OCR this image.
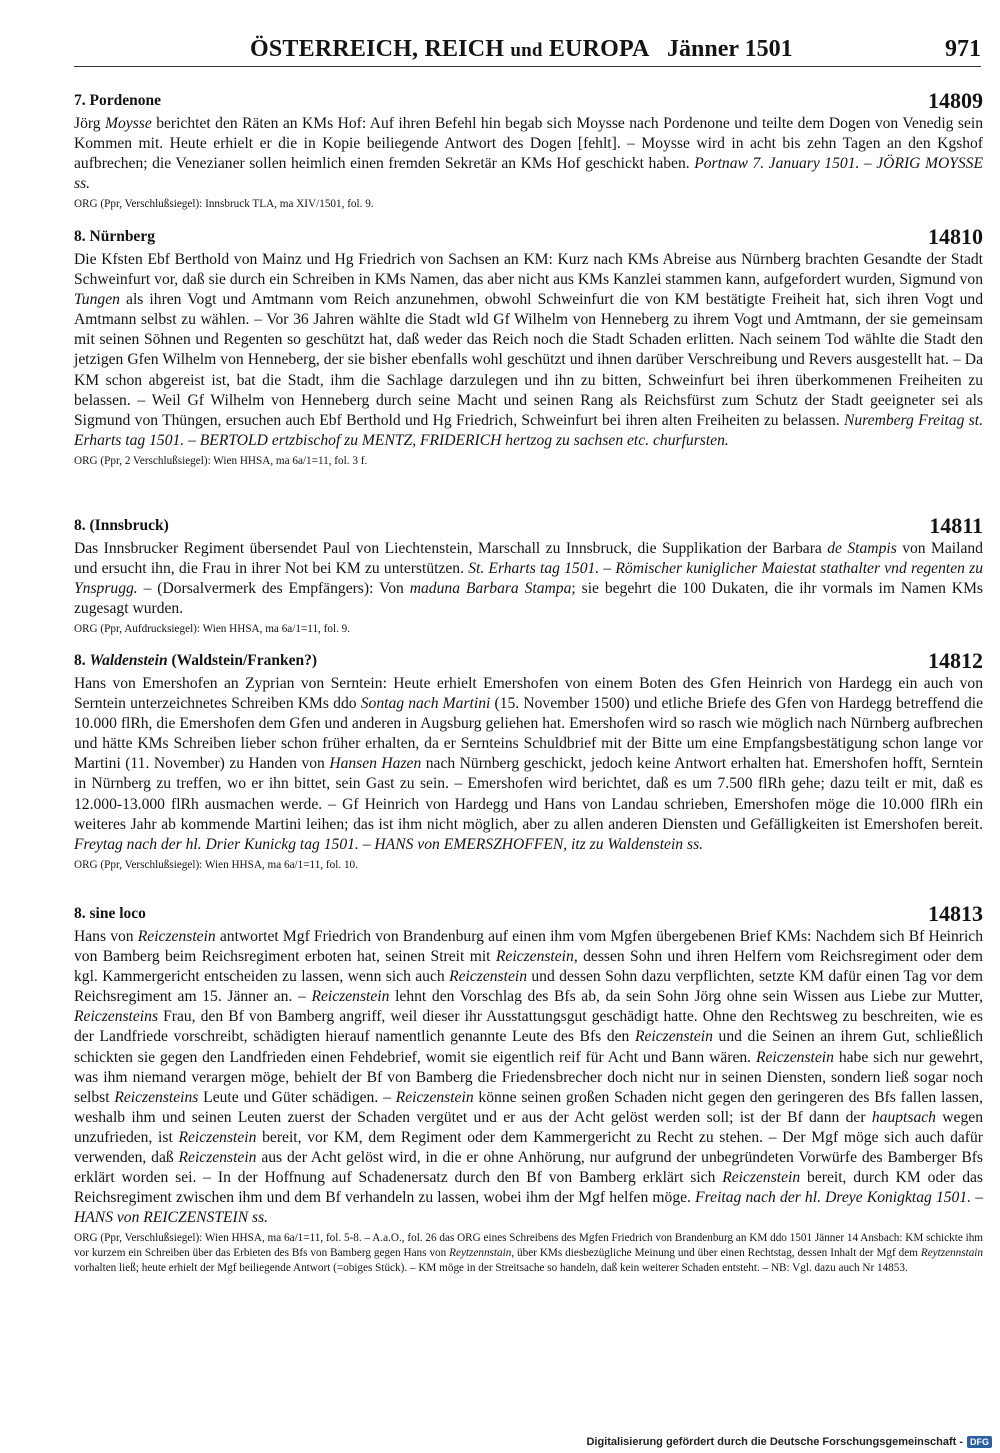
ÖSTERREICH, REICH und EUROPA Jänner 1501	971
7. Pordenone	14809

Jörg Moysse berichtet den Räten an KMs Hof: Auf ihren Befehl hin begab sich Moysse nach Pordenone und teilte dem Dogen von Venedig sein Kommen mit. Heute erhielt er die in Kopie beiliegende Antwort des Dogen [fehlt]. – Moysse wird in acht bis zehn Tagen an den Kgshof aufbrechen; die Venezianer sollen heimlich einen fremden Sekretär an KMs Hof geschickt haben. Portnaw 7. January 1501. – JÖRIG MOYSSE ss.

ORG (Ppr, Verschlußsiegel): Innsbruck TLA, ma XIV/1501, fol. 9.
8. Nürnberg	14810

Die Kfsten Ebf Berthold von Mainz und Hg Friedrich von Sachsen an KM: Kurz nach KMs Abreise aus Nürnberg brachten Gesandte der Stadt Schweinfurt vor, daß sie durch ein Schreiben in KMs Namen, das aber nicht aus KMs Kanzlei stammen kann, aufgefordert wurden, Sigmund von Tungen als ihren Vogt und Amtmann vom Reich anzunehmen, obwohl Schweinfurt die von KM bestätigte Freiheit hat, sich ihren Vogt und Amtmann selbst zu wählen. – Vor 36 Jahren wählte die Stadt wld Gf Wilhelm von Henneberg zu ihrem Vogt und Amtmann, der sie gemeinsam mit seinen Söhnen und Regenten so geschützt hat, daß weder das Reich noch die Stadt Schaden erlitten. Nach seinem Tod wählte die Stadt den jetzigen Gfen Wilhelm von Henneberg, der sie bisher ebenfalls wohl geschützt und ihnen darüber Verschreibung und Revers ausgestellt hat. – Da KM schon abgereist ist, bat die Stadt, ihm die Sachlage darzulegen und ihn zu bitten, Schweinfurt bei ihren überkommenen Freiheiten zu belassen. – Weil Gf Wilhelm von Henneberg durch seine Macht und seinen Rang als Reichsfürst zum Schutz der Stadt geeigneter sei als Sigmund von Thüngen, ersuchen auch Ebf Berthold und Hg Friedrich, Schweinfurt bei ihren alten Freiheiten zu belassen. Nuremberg Freitag st. Erharts tag 1501. – BERTOLD ertzbischof zu MENTZ, FRIDERICH hertzog zu sachsen etc. churfursten.

ORG (Ppr, 2 Verschlußsiegel): Wien HHSA, ma 6a/1=11, fol. 3 f.
8. (Innsbruck)	14811

Das Innsbrucker Regiment übersendet Paul von Liechtenstein, Marschall zu Innsbruck, die Supplikation der Barbara de Stampis von Mailand und ersucht ihn, die Frau in ihrer Not bei KM zu unterstützen. St. Erharts tag 1501. – Römischer kuniglicher Maiestat stathalter vnd regenten zu Ynsprugg. – (Dorsalvermerk des Empfängers): Von maduna Barbara Stampa; sie begehrt die 100 Dukaten, die ihr vormals im Namen KMs zugesagt wurden.

ORG (Ppr, Aufdrucksiegel): Wien HHSA, ma 6a/1=11, fol. 9.
8. Waldenstein (Waldstein/Franken?)	14812

Hans von Emershofen an Zyprian von Serntein: Heute erhielt Emershofen von einem Boten des Gfen Heinrich von Hardegg ein auch von Serntein unterzeichnetes Schreiben KMs ddo Sontag nach Martini (15. November 1500) und etliche Briefe des Gfen von Hardegg betreffend die 10.000 flRh, die Emershofen dem Gfen und anderen in Augsburg geliehen hat. Emershofen wird so rasch wie möglich nach Nürnberg aufbrechen und hätte KMs Schreiben lieber schon früher erhalten, da er Sernteins Schuldbrief mit der Bitte um eine Empfangsbestätigung schon lange vor Martini (11. November) zu Handen von Hansen Hazen nach Nürnberg geschickt, jedoch keine Antwort erhalten hat. Emershofen hofft, Serntein in Nürnberg zu treffen, wo er ihn bittet, sein Gast zu sein. – Emershofen wird berichtet, daß es um 7.500 flRh gehe; dazu teilt er mit, daß es 12.000-13.000 flRh ausmachen werde. – Gf Heinrich von Hardegg und Hans von Landau schrieben, Emershofen möge die 10.000 flRh ein weiteres Jahr ab kommende Martini leihen; das ist ihm nicht möglich, aber zu allen anderen Diensten und Gefälligkeiten ist Emershofen bereit. Freytag nach der hl. Drier Kunickg tag 1501. – HANS von EMERSZHOFFEN, itz zu Waldenstein ss.

ORG (Ppr, Verschlußsiegel): Wien HHSA, ma 6a/1=11, fol. 10.
8. sine loco	14813

Hans von Reiczenstein antwortet Mgf Friedrich von Brandenburg auf einen ihm vom Mgfen übergebenen Brief KMs: Nachdem sich Bf Heinrich von Bamberg beim Reichsregiment erboten hat, seinen Streit mit Reiczenstein, dessen Sohn und ihren Helfern vom Reichsregiment oder dem kgl. Kammergericht entscheiden zu lassen, wenn sich auch Reiczenstein und dessen Sohn dazu verpflichten, setzte KM dafür einen Tag vor dem Reichsregiment am 15. Jänner an. – Reiczenstein lehnt den Vorschlag des Bfs ab, da sein Sohn Jörg ohne sein Wissen aus Liebe zur Mutter, Reiczensteins Frau, den Bf von Bamberg angriff, weil dieser ihr Ausstattungsgut geschädigt hatte. Ohne den Rechtsweg zu beschreiten, wie es der Landfriede vorschreibt, schädigten hierauf namentlich genannte Leute des Bfs den Reiczenstein und die Seinen an ihrem Gut, schließlich schickten sie gegen den Landfrieden einen Fehdebrief, womit sie eigentlich reif für Acht und Bann wären. Reiczenstein habe sich nur gewehrt, was ihm niemand verargen möge, behielt der Bf von Bamberg die Friedensbrecher doch nicht nur in seinen Diensten, sondern ließ sogar noch selbst Reiczensteins Leute und Güter schädigen. – Reiczenstein könne seinen großen Schaden nicht gegen den geringeren des Bfs fallen lassen, weshalb ihm und seinen Leuten zuerst der Schaden vergütet und er aus der Acht gelöst werden soll; ist der Bf dann der hauptsach wegen unzufrieden, ist Reiczenstein bereit, vor KM, dem Regiment oder dem Kammergericht zu Recht zu stehen. – Der Mgf möge sich auch dafür verwenden, daß Reiczenstein aus der Acht gelöst wird, in die er ohne Anhörung, nur aufgrund der unbegründeten Vorwürfe des Bamberger Bfs erklärt worden sei. – In der Hoffnung auf Schadenersatz durch den Bf von Bamberg erklärt sich Reiczenstein bereit, durch KM oder das Reichsregiment zwischen ihm und dem Bf verhandeln zu lassen, wobei ihm der Mgf helfen möge. Freitag nach der hl. Dreye Konigktag 1501. – HANS von REICZENSTEIN ss.

ORG (Ppr, Verschlußsiegel): Wien HHSA, ma 6a/1=11, fol. 5-8. – A.a.O., fol. 26 das ORG eines Schreibens des Mgfen Friedrich von Brandenburg an KM ddo 1501 Jänner 14 Ansbach: KM schickte ihm vor kurzem ein Schreiben über das Erbieten des Bfs von Bamberg gegen Hans von Reytzennstain, über KMs diesbezügliche Meinung und über einen Rechtstag, dessen Inhalt der Mgf dem Reytzennstain vorhalten ließ; heute erhielt der Mgf beiliegende Antwort (=obiges Stück). – KM möge in der Streitsache so handeln, daß kein weiterer Schaden entsteht. – NB: Vgl. dazu auch Nr 14853.
Digitalisierung gefördert durch die Deutsche Forschungsgemeinschaft - DFG
